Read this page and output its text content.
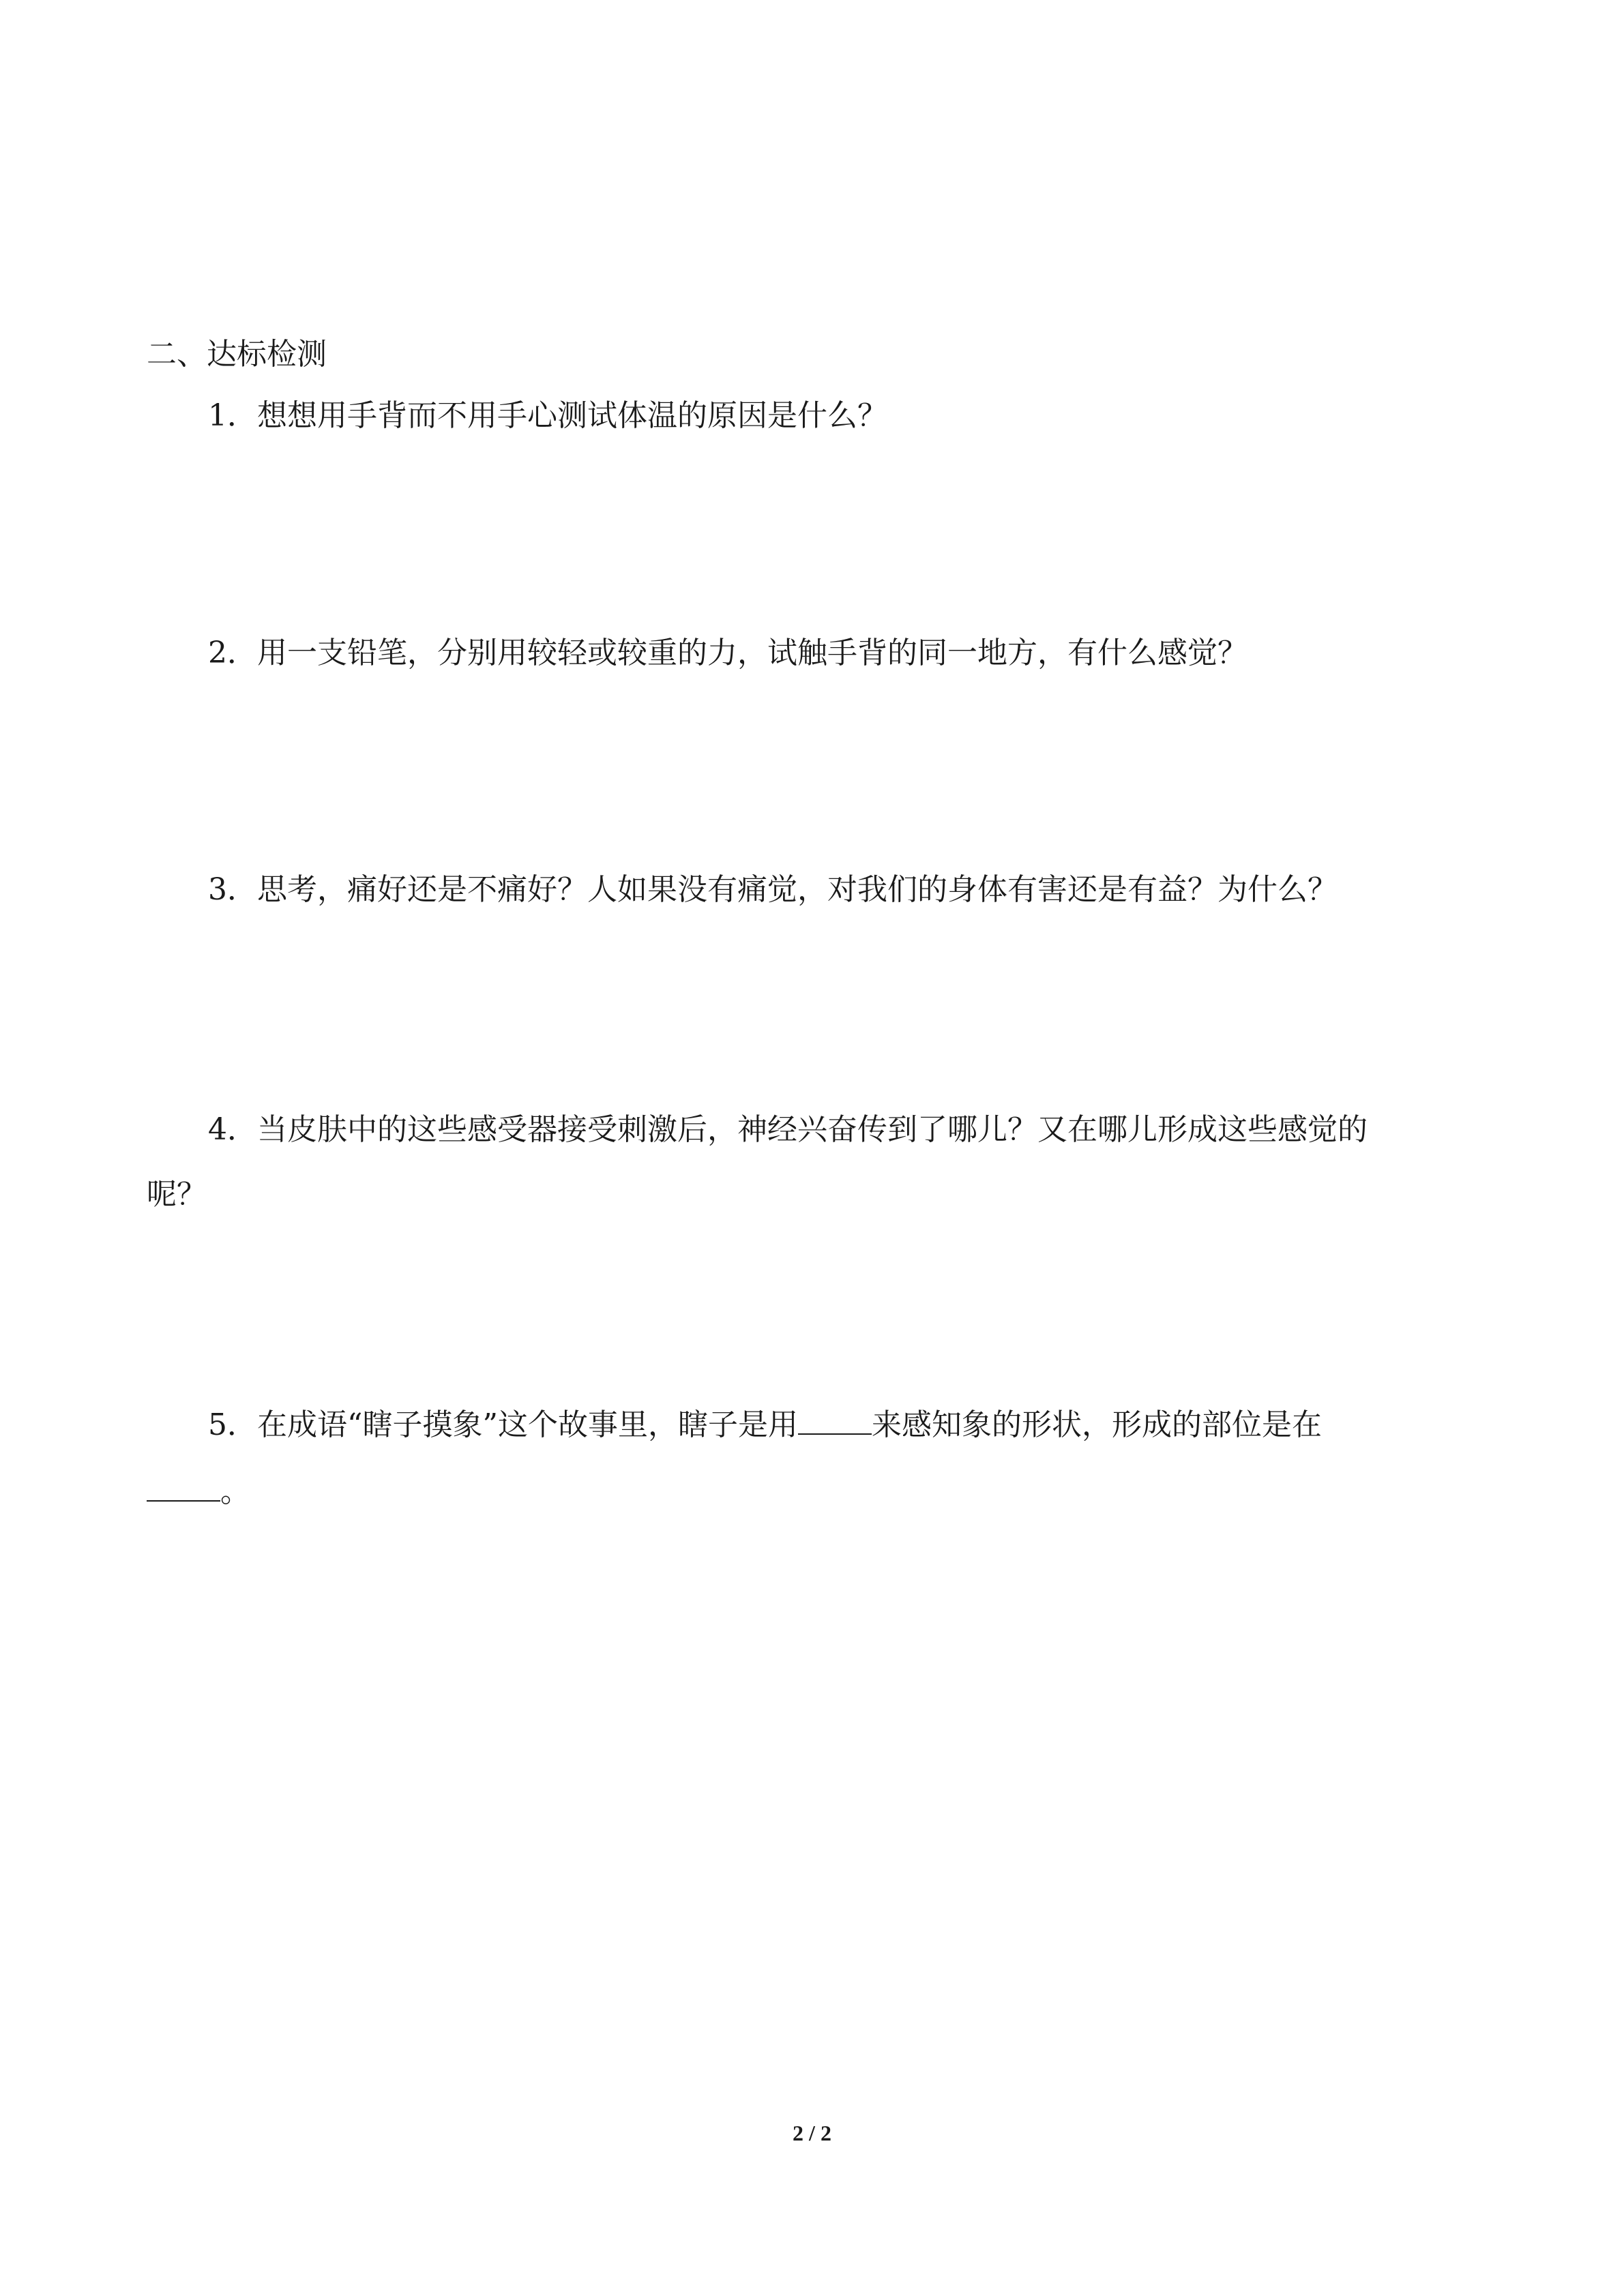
二、达标检测
1．想想用手背而不用手心测试体温的原因是什么？
2．用一支铅笔，分别用较轻或较重的力，试触手背的同一地方，有什么感觉？
3．思考，痛好还是不痛好？人如果没有痛觉，对我们的身体有害还是有益？为什么？
4．当皮肤中的这些感受器接受刺激后，神经兴奋传到了哪儿？又在哪儿形成这些感觉的
呢？
5．在成语“瞎子摸象”这个故事里，瞎子是用 来感知象的形状，形成的部位是在
。
2 / 2
